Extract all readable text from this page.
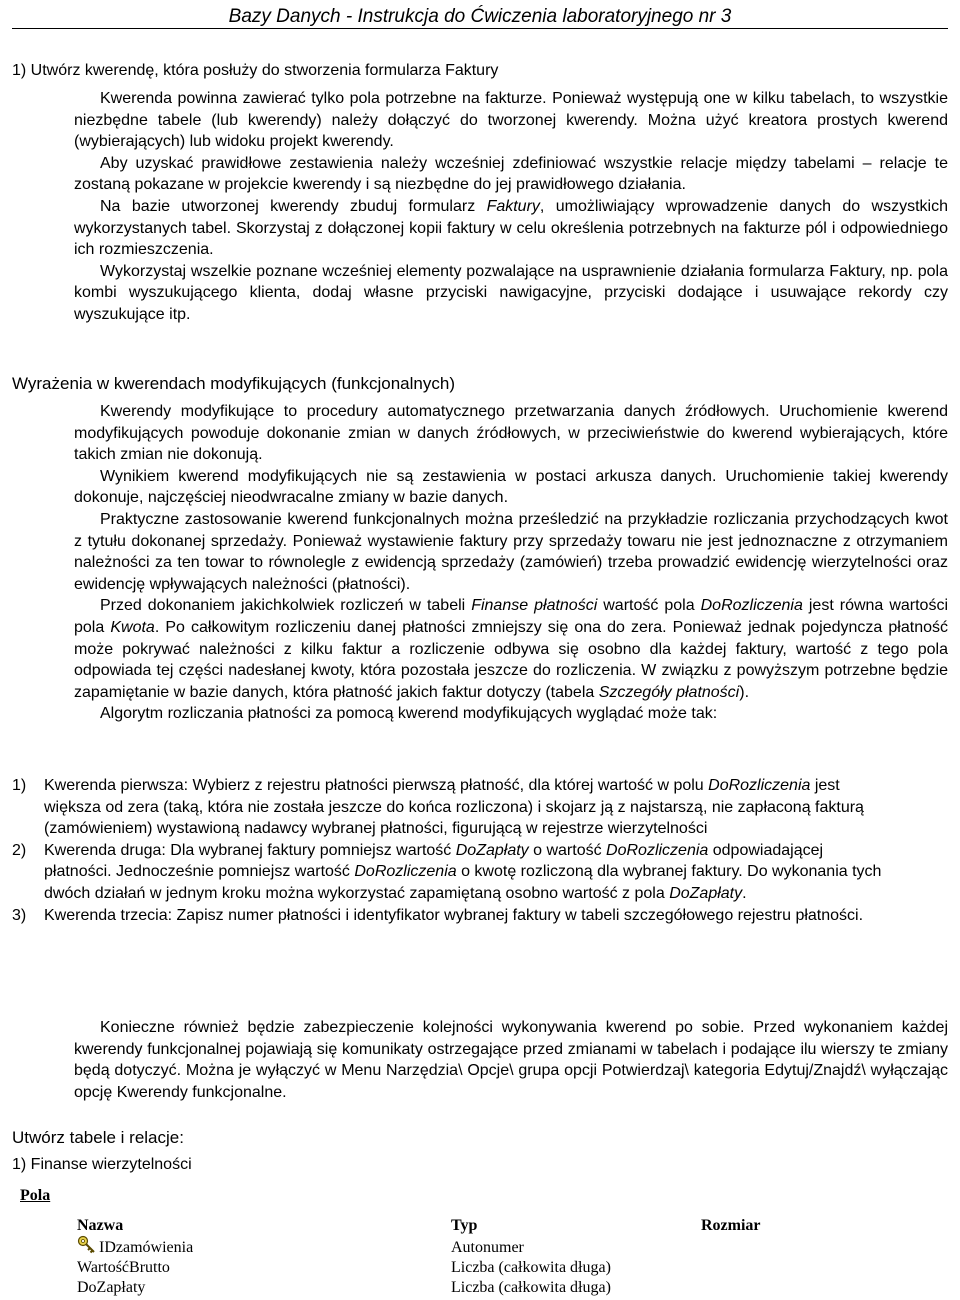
Bazy Danych - Instrukcja do Ćwiczenia laboratoryjnego nr 3
1) Utwórz kwerendę, która posłuży do stworzenia formularza Faktury

Kwerenda powinna zawierać tylko pola potrzebne na fakturze. Ponieważ występują one w kilku tabelach, to wszystkie niezbędne tabele (lub kwerendy) należy dołączyć do tworzonej kwerendy. Można użyć kreatora prostych kwerend (wybierających) lub widoku projekt kwerendy.

Aby uzyskać prawidłowe zestawienia należy wcześniej zdefiniować wszystkie relacje między tabelami – relacje te zostaną pokazane w projekcie kwerendy i są niezbędne do jej prawidłowego działania.

Na bazie utworzonej kwerendy zbuduj formularz Faktury, umożliwiający wprowadzenie danych do wszystkich wykorzystanych tabel. Skorzystaj z dołączonej kopii faktury w celu określenia potrzebnych na fakturze pól i odpowiedniego ich rozmieszczenia.

Wykorzystaj wszelkie poznane wcześniej elementy pozwalające na usprawnienie działania formularza Faktury, np. pola kombi wyszukującego klienta, dodaj własne przyciski nawigacyjne, przyciski dodające i usuwające rekordy czy wyszukujące itp.

Wyrażenia w kwerendach modyfikujących (funkcjonalnych)

Kwerendy modyfikujące to procedury automatycznego przetwarzania danych źródłowych. Uruchomienie kwerend modyfikujących powoduje dokonanie zmian w danych źródłowych, w przeciwieństwie do kwerend wybierających, które takich zmian nie dokonują.

Wynikiem kwerend modyfikujących nie są zestawienia w postaci arkusza danych. Uruchomienie takiej kwerendy dokonuje, najczęściej nieodwracalne zmiany w bazie danych.

Praktyczne zastosowanie kwerend funkcjonalnych można prześledzić na przykładzie rozliczania przychodzących kwot z tytułu dokonanej sprzedaży. Ponieważ wystawienie faktury przy sprzedaży towaru nie jest jednoznaczne z otrzymaniem należności za ten towar to równolegle z ewidencją sprzedaży (zamówień) trzeba prowadzić ewidencję wierzytelności oraz ewidencję wpływających należności (płatności).

Przed dokonaniem jakichkolwiek rozliczeń w tabeli Finanse płatności wartość pola DoRozliczenia jest równa wartości pola Kwota. Po całkowitym rozliczeniu danej płatności zmniejszy się ona do zera. Ponieważ jednak pojedyncza płatność może pokrywać należności z kilku faktur a rozliczenie odbywa się osobno dla każdej faktury, wartość z tego pola odpowiada tej części nadesłanej kwoty, która pozostała jeszcze do rozliczenia. W związku z powyższym potrzebne będzie zapamiętanie w bazie danych, która płatność jakich faktur dotyczy (tabela Szczegóły płatności).

Algorytm rozliczania płatności za pomocą kwerend modyfikujących wyglądać może tak:

1) Kwerenda pierwsza: Wybierz z rejestru płatności pierwszą płatność, dla której wartość w polu DoRozliczenia jest większa od zera (taką, która nie została jeszcze do końca rozliczona) i skojarz ją z najstarszą, nie zapłaconą fakturą (zamówieniem) wystawioną nadawcy wybranej płatności, figurującą w rejestrze wierzytelności
2) Kwerenda druga: Dla wybranej faktury pomniejsz wartość DoZapłaty o wartość DoRozliczenia odpowiadającej płatności. Jednocześnie pomniejsz wartość DoRozliczenia o kwotę rozliczoną dla wybranej faktury. Do wykonania tych dwóch działań w jednym kroku można wykorzystać zapamiętaną osobno wartość z pola DoZapłaty.
3) Kwerenda trzecia: Zapisz numer płatności i identyfikator wybranej faktury w tabeli szczegółowego rejestru płatności.

Konieczne również będzie zabezpieczenie kolejności wykonywania kwerend po sobie. Przed wykonaniem każdej kwerendy funkcjonalnej pojawiają się komunikaty ostrzegające przed zmianami w tabelach i podające ilu wierszy te zmiany będą dotyczyć. Można je wyłączyć w Menu Narzędzia\ Opcje\ grupa opcji Potwierdzaj\ kategoria Edytuj/Znajdź\ wyłączając opcję Kwerendy funkcjonalne.

Utwórz tabele i relacje:
1) Finanse wierzytelności
Pola
Nazwa	Typ	Rozmiar
IDzamówienia	Autonumer
WartośćBrutto	Liczba (całkowita długa)
DoZapłaty	Liczba (całkowita długa)
